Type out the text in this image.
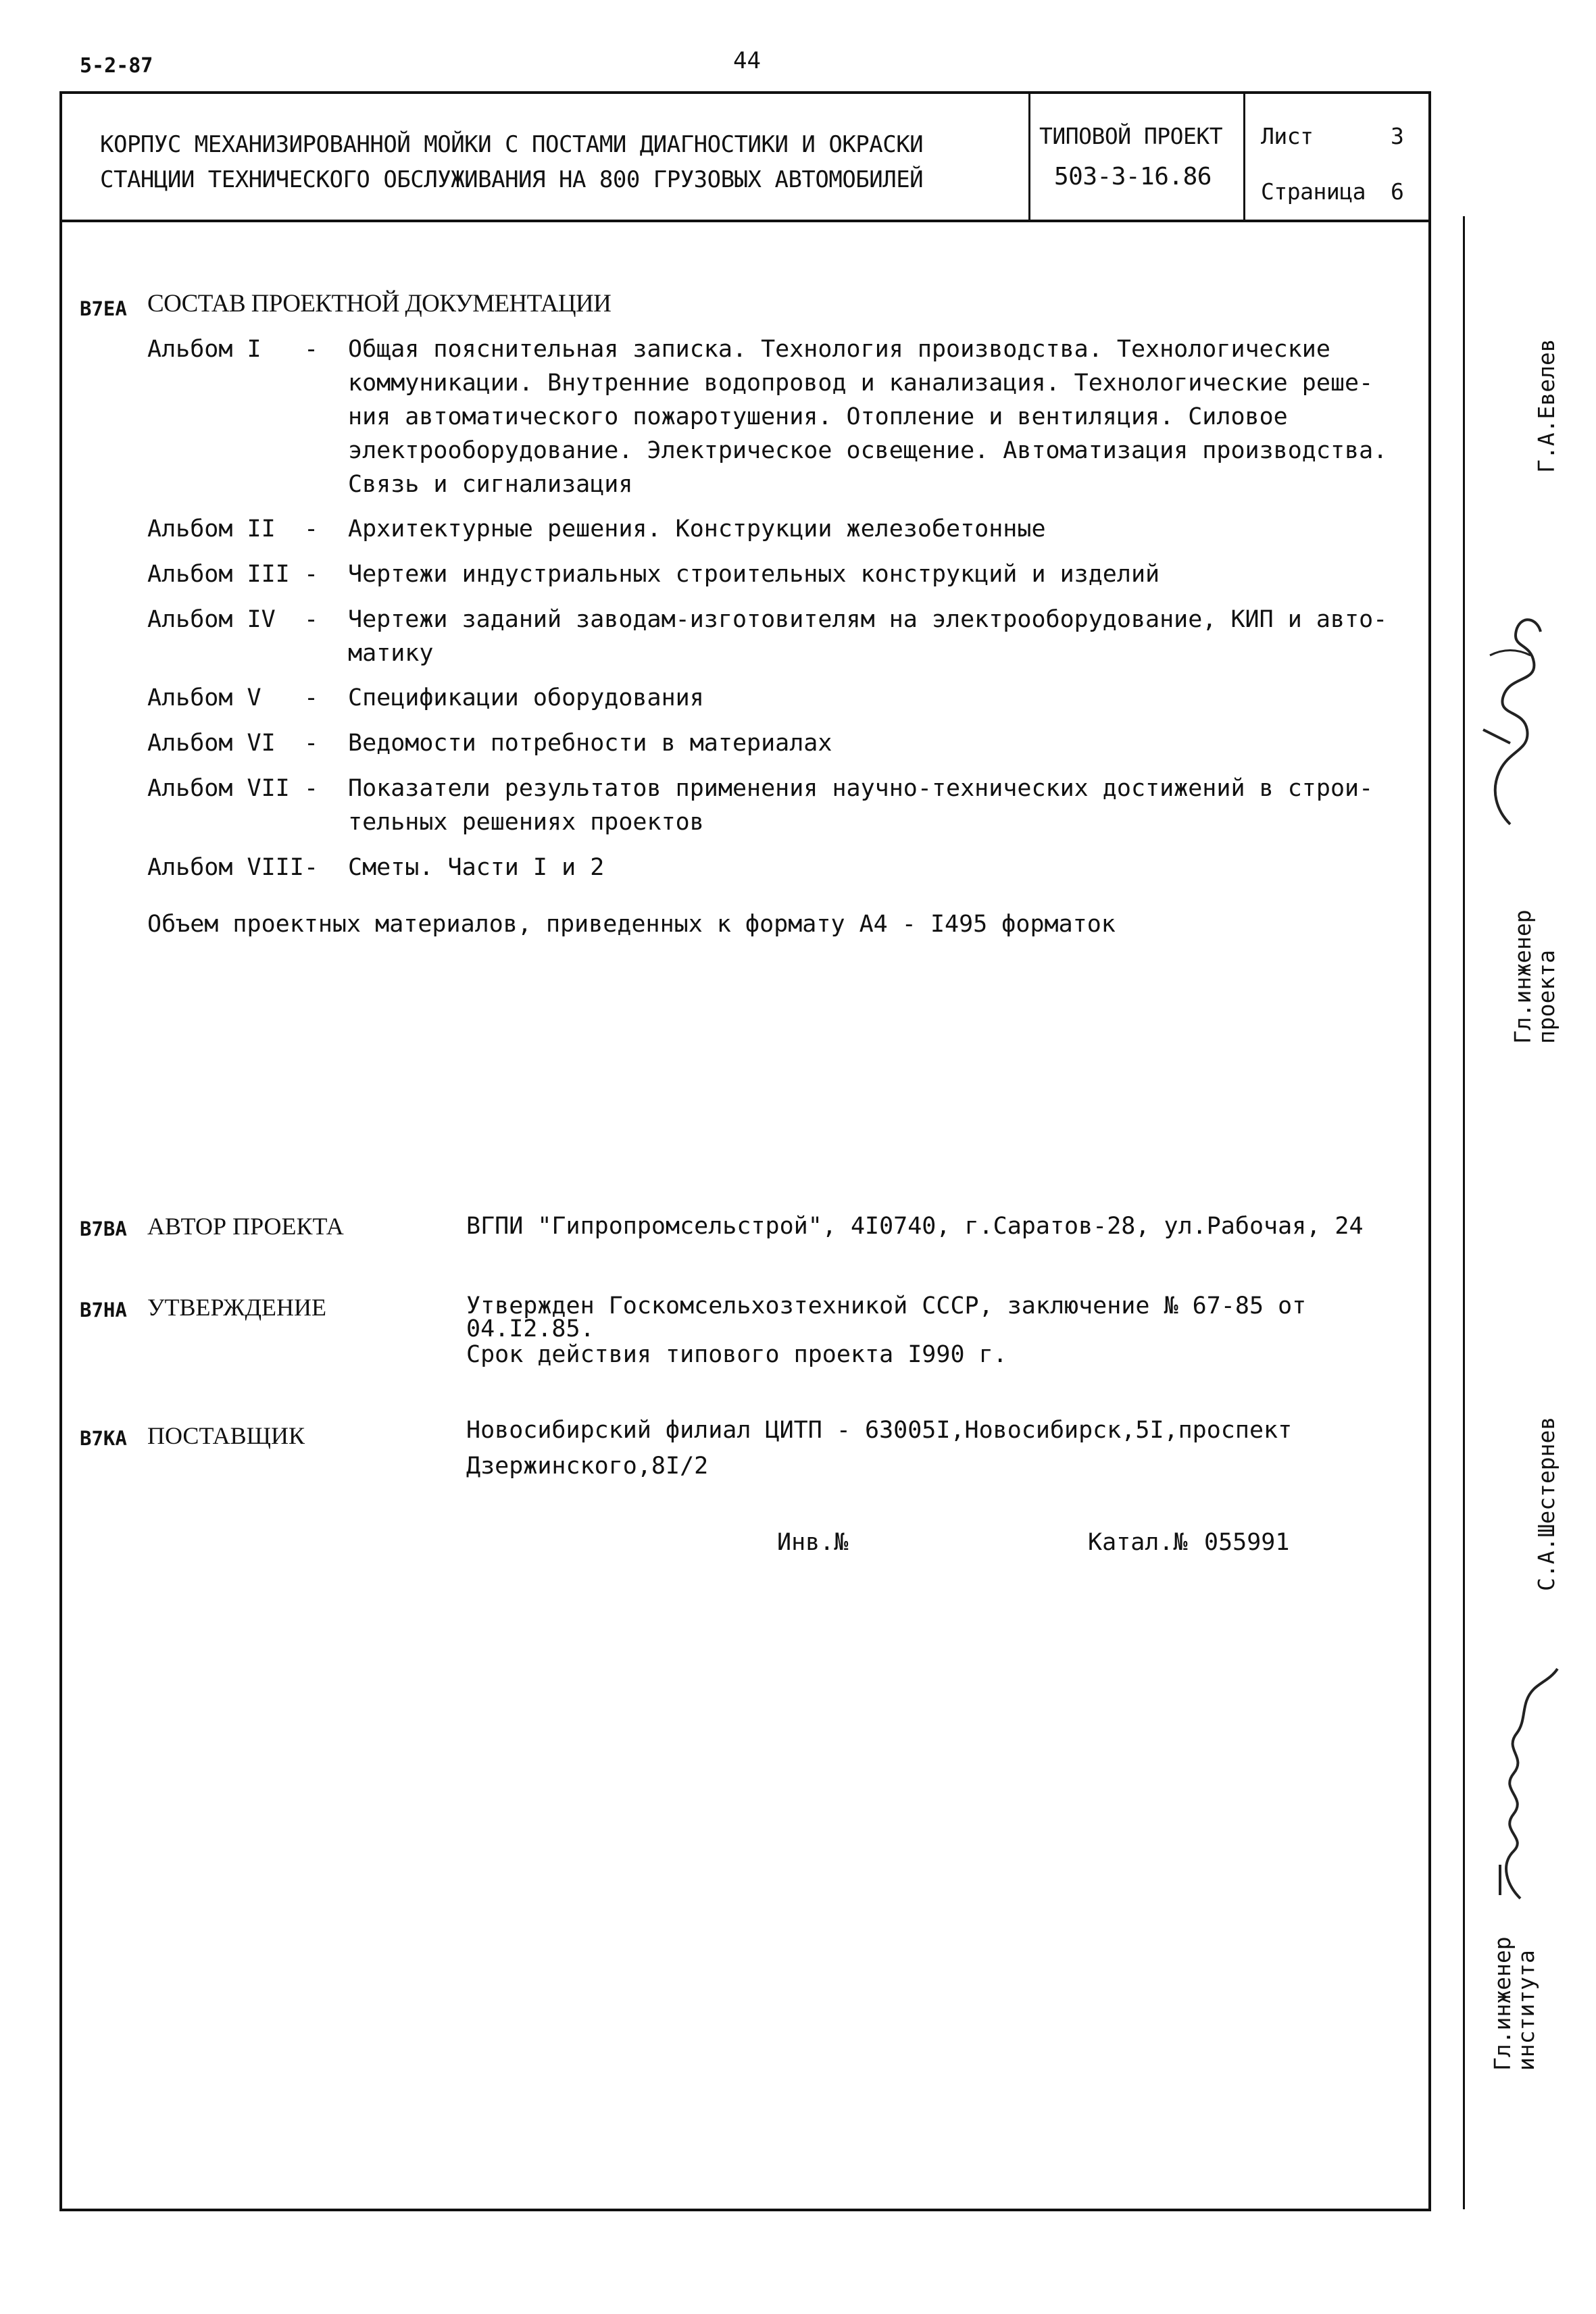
5-2-87	44
КОРПУС МЕХАНИЗИРОВАННОЙ МОЙКИ С ПОСТАМИ ДИАГНОСТИКИ И ОКРАСКИ
СТАНЦИИ ТЕХНИЧЕСКОГО ОБСЛУЖИВАНИЯ НА 800 ГРУЗОВЫХ АВТОМОБИЛЕЙ
ТИПОВОЙ ПРОЕКТ
503-3-16.86
Лист	3
Страница 6
В7ЕА СОСТАВ ПРОЕКТНОЙ ДОКУМЕНТАЦИИ
Альбом I - Общая пояснительная записка. Технология производства. Технологические
коммуникации. Внутренние водопровод и канализация. Технологические реше-
ния автоматического пожаротушения. Отопление и вентиляция. Силовое
электрооборудование. Электрическое освещение. Автоматизация производства.
Связь и сигнализация
Альбом II - Архитектурные решения. Конструкции железобетонные
Альбом III - Чертежи индустриальных строительных конструкций и изделий
Альбом IV - Чертежи заданий заводам-изготовителям на электрооборудование, КИП и авто-
матику
Альбом V - Спецификации оборудования
Альбом VI - Ведомости потребности в материалах
Альбом VII - Показатели результатов применения научно-технических достижений в строи-
тельных решениях проектов
Альбом VIII - Сметы. Части I и 2
Объем проектных материалов, приведенных к формату А4 - I495 форматок
В7ВА АВТОР ПРОЕКТА	ВГПИ "Гипропромсельстрой", 4I0740, г.Саратов-28, ул.Рабочая, 24
В7НА УТВЕРЖДЕНИЕ	Утвержден Госкомсельхозтехникой СССР, заключение № 67-85 от
04.I2.85.
Срок действия типового проекта I990 г.
В7КА ПОСТАВЩИК	Новосибирский филиал ЦИТП - 63005I,Новосибирск,5I,проспект
Дзержинского,8I/2
Инв.№	Катал.№ 055991
Г.А.Евелев
Гл.инженер
проекта
С.А.Шестернев
Гл.инженер
института
